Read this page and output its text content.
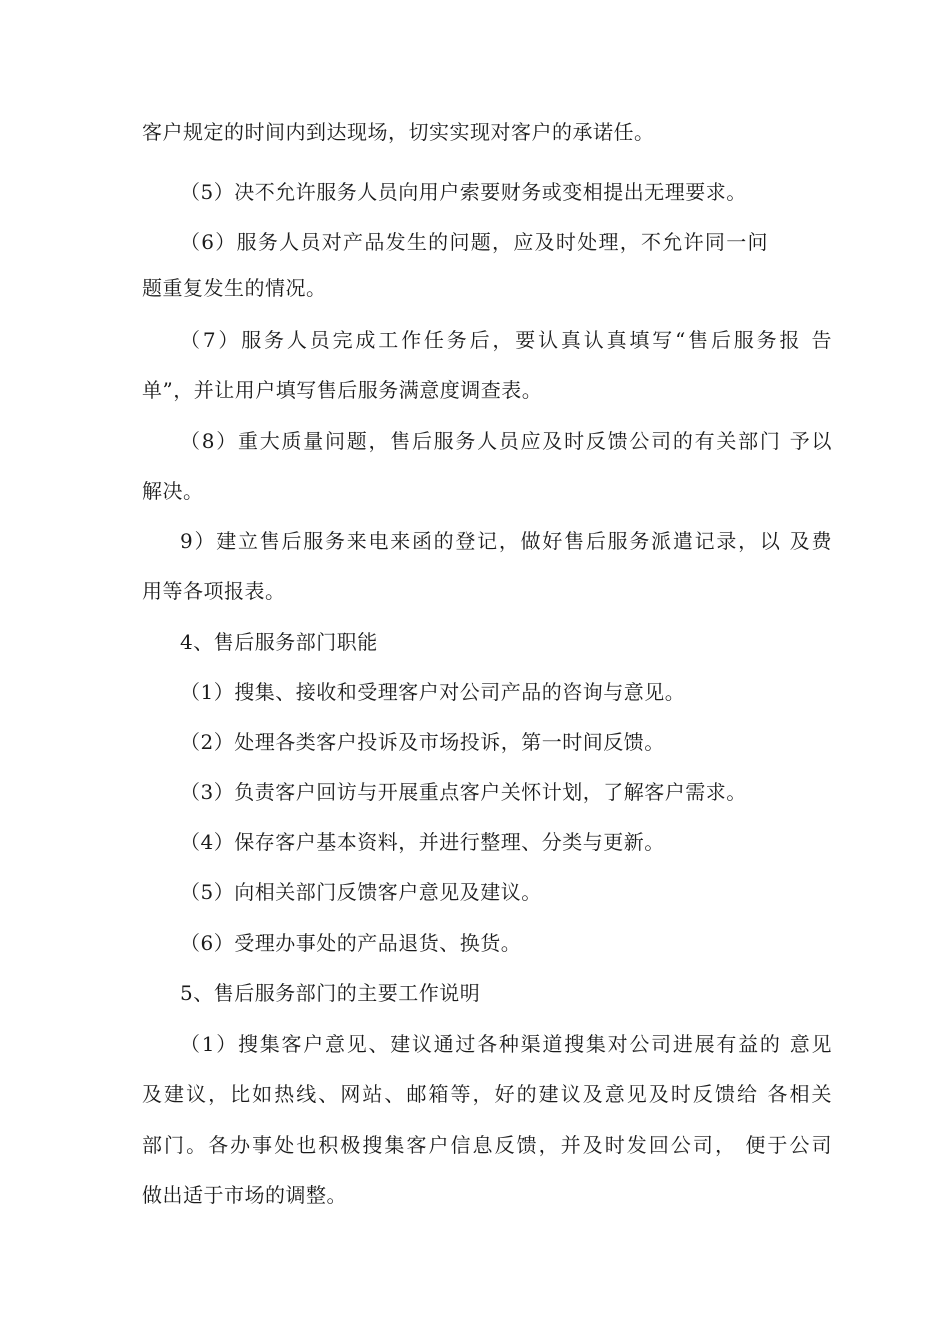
客户规定的时间内到达现场，切实实现对客户的承诺任。
（5）决不允许服务人员向用户索要财务或变相提出无理要求。
（6）服务人员对产品发生的问题，应及时处理，不允许同一问
题重复发生的情况。
（7）服务人员完成工作任务后，要认真认真填写“售后服务报 告
单”，并让用户填写售后服务满意度调查表。
（8）重大质量问题，售后服务人员应及时反馈公司的有关部门 予以
解决。
9）建立售后服务来电来函的登记，做好售后服务派遣记录，以 及费
用等各项报表。
4、售后服务部门职能
（1）搜集、接收和受理客户对公司产品的咨询与意见。
（2）处理各类客户投诉及市场投诉，第一时间反馈。
（3）负责客户回访与开展重点客户关怀计划，了解客户需求。
（4）保存客户基本资料，并进行整理、分类与更新。
（5）向相关部门反馈客户意见及建议。
（6）受理办事处的产品退货、换货。
5、售后服务部门的主要工作说明
（1）搜集客户意见、建议通过各种渠道搜集对公司进展有益的 意见
及建议，比如热线、网站、邮箱等，好的建议及意见及时反馈给 各相关
部门。各办事处也积极搜集客户信息反馈，并及时发回公司， 便于公司
做出适于市场的调整。
